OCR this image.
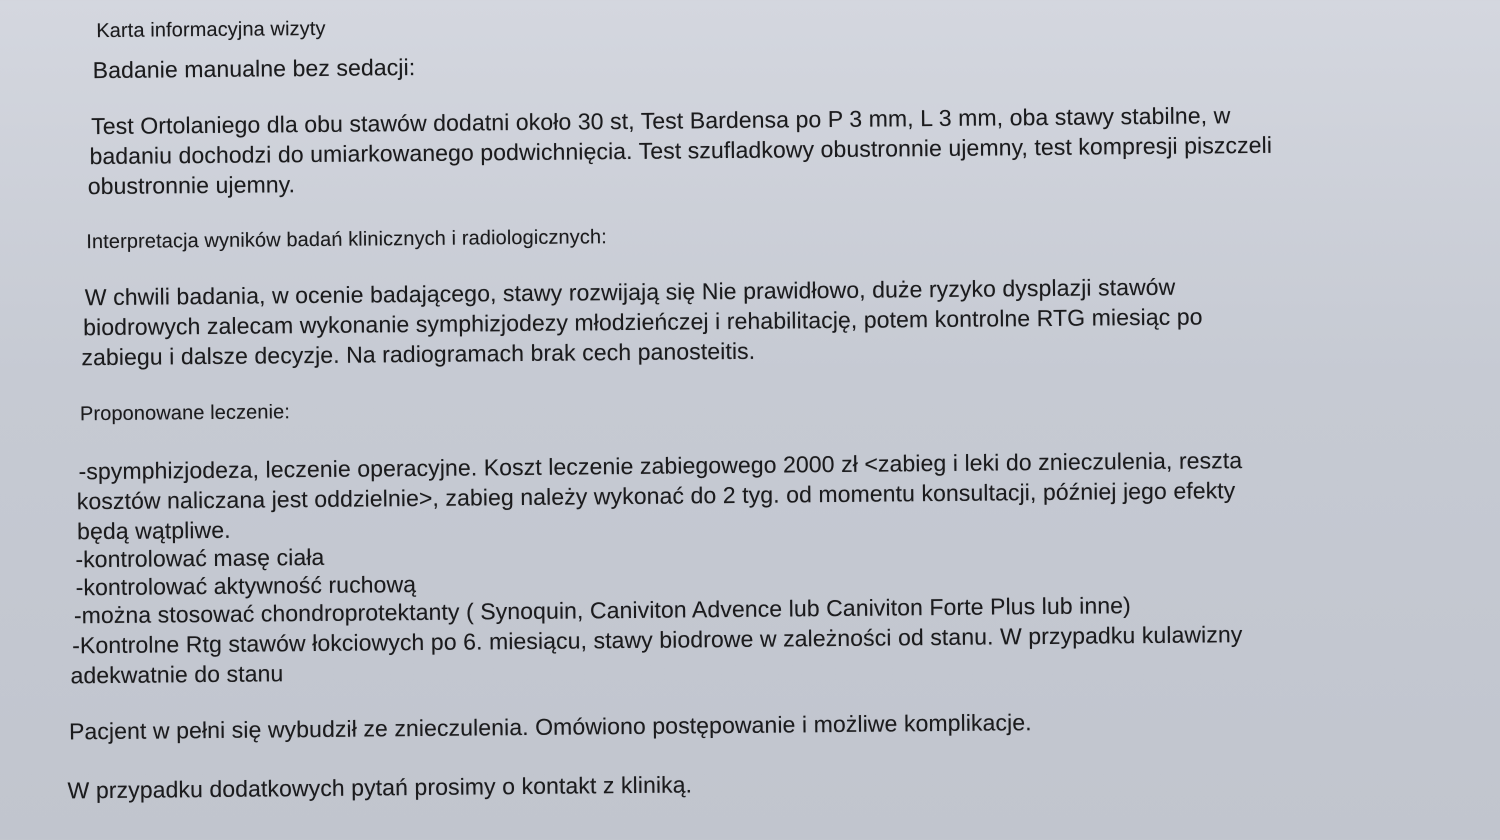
Karta informacyjna wizyty
Badanie manualne bez sedacji:
Test Ortolaniego dla obu stawów dodatni około 30 st, Test Bardensa po P 3 mm, L 3 mm, oba stawy stabilne, w
badaniu dochodzi do umiarkowanego podwichnięcia. Test szufladkowy obustronnie ujemny, test kompresji piszczeli
obustronnie ujemny.
Interpretacja wyników badań klinicznych i radiologicznych:
W chwili badania, w ocenie badającego, stawy rozwijają się Nie prawidłowo, duże ryzyko dysplazji stawów
biodrowych zalecam wykonanie symphizjodezy młodzieńczej i rehabilitację, potem kontrolne RTG miesiąc po
zabiegu i dalsze decyzje. Na radiogramach brak cech panosteitis.
Proponowane leczenie:
-spymphizjodeza, leczenie operacyjne. Koszt leczenie zabiegowego 2000 zł <zabieg i leki do znieczulenia, reszta
kosztów naliczana jest oddzielnie>, zabieg należy wykonać do 2 tyg. od momentu konsultacji, później jego efekty
będą wątpliwe.
-kontrolować masę ciała
-kontrolować aktywność ruchową
-można stosować chondroprotektanty ( Synoquin, Caniviton Advence lub Caniviton Forte Plus lub inne)
-Kontrolne Rtg stawów łokciowych po 6. miesiącu, stawy biodrowe w zależności od stanu. W przypadku kulawizny
adekwatnie do stanu
Pacjent w pełni się wybudził ze znieczulenia. Omówiono postępowanie i możliwe komplikacje.
W przypadku dodatkowych pytań prosimy o kontakt z kliniką.
